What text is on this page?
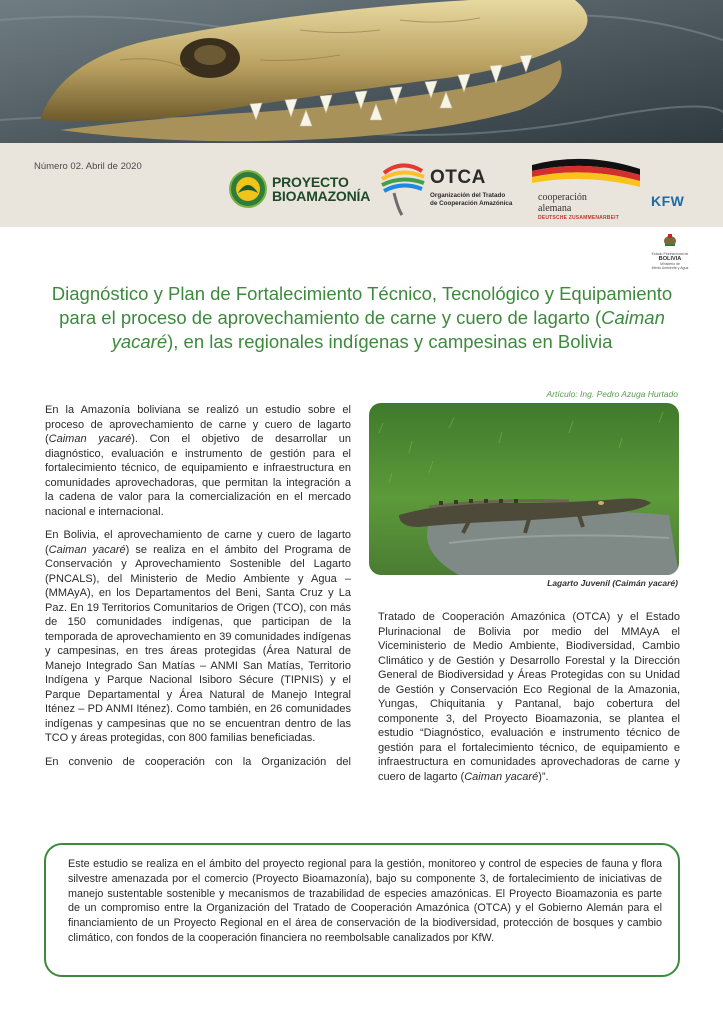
Número 02. Abril de 2020
PROYECTO
BIOAMAZONÍA
OTCA
Organización del Tratado
de Cooperación Amazónica	cooperación
alemana
DEUTSCHE ZUSAMMENARBEIT
KFW
Estado Plurinacional de
BOLIVIA
Ministerio de
Medio Ambiente y Agua
Diagnóstico y Plan de Fortalecimiento Técnico, Tecnológico y Equipamiento para el proceso de aprovechamiento de carne y cuero de lagarto (Caiman yacaré), en las regionales indígenas y campesinas en Bolivia
Artículo: Ing. Pedro Azuga Hurtado

En la Amazonía boliviana se realizó un estudio sobre el proceso de aprovechamiento de carne y cuero de lagarto (Caiman yacaré). Con el objetivo de desarrollar un diagnóstico, evaluación e instrumento de gestión para el fortalecimiento técnico, de equipamiento e infraestructura en comunidades aprovechadoras, que permitan la integración a la cadena de valor para la comercialización en el mercado nacional e internacional.

En Bolivia, el aprovechamiento de carne y cuero de lagarto (Caiman yacaré) se realiza en el ámbito del Programa de Conservación y Aprovechamiento Sostenible del Lagarto (PNCALS), del Ministerio de Medio Ambiente y Agua – (MMAyA), en los Departamentos del Beni, Santa Cruz y La Paz. En 19 Territorios Comunitarios de Origen (TCO), con más de 150 comunidades indígenas, que participan de la temporada de aprovechamiento en 39 comunidades indígenas y campesinas, en tres áreas protegidas (Área Natural de Manejo Integrado San Matías – ANMI San Matías, Territorio Indígena y Parque Nacional Isiboro Sécure (TIPNIS) y el Parque Departamental y Área Natural de Manejo Integral Iténez – PD ANMI Iténez). Como también, en 26 comunidades indígenas y campesinas que no se encuentran dentro de las TCO y áreas protegidas, con 800 familias beneficiadas.

En convenio de cooperación con la Organización del

Lagarto Juvenil (Caimán yacaré)

Tratado de Cooperación Amazónica (OTCA) y el Estado Plurinacional de Bolivia por medio del MMAyA el Viceministerio de Medio Ambiente, Biodiversidad, Cambio Climático y de Gestión y Desarrollo Forestal y la Dirección General de Biodiversidad y Áreas Protegidas con su Unidad de Gestión y Conservación Eco Regional de la Amazonia, Yungas, Chiquitania y Pantanal, bajo cobertura del componente 3, del Proyecto Bioamazonia, se plantea el estudio “Diagnóstico, evaluación e instrumento técnico de gestión para el fortalecimiento técnico, de equipamiento e infraestructura en comunidades aprovechadoras de carne y cuero de lagarto (Caiman yacaré)”.

Este estudio se realiza en el ámbito del proyecto regional para la gestión, monitoreo y control de especies de fauna y flora silvestre amenazada por el comercio (Proyecto Bioamazonía), bajo su componente 3, de fortalecimiento de iniciativas de manejo sustentable sostenible y mecanismos de trazabilidad de especies amazónicas. El Proyecto Bioamazonia es parte de un compromiso entre la Organización del Tratado de Cooperación Amazónica (OTCA) y el Gobierno Alemán para el financiamiento de un Proyecto Regional en el área de conservación de la biodiversidad, protección de bosques y cambio climático, con fondos de la cooperación financiera no reembolsable canalizados por KfW.
